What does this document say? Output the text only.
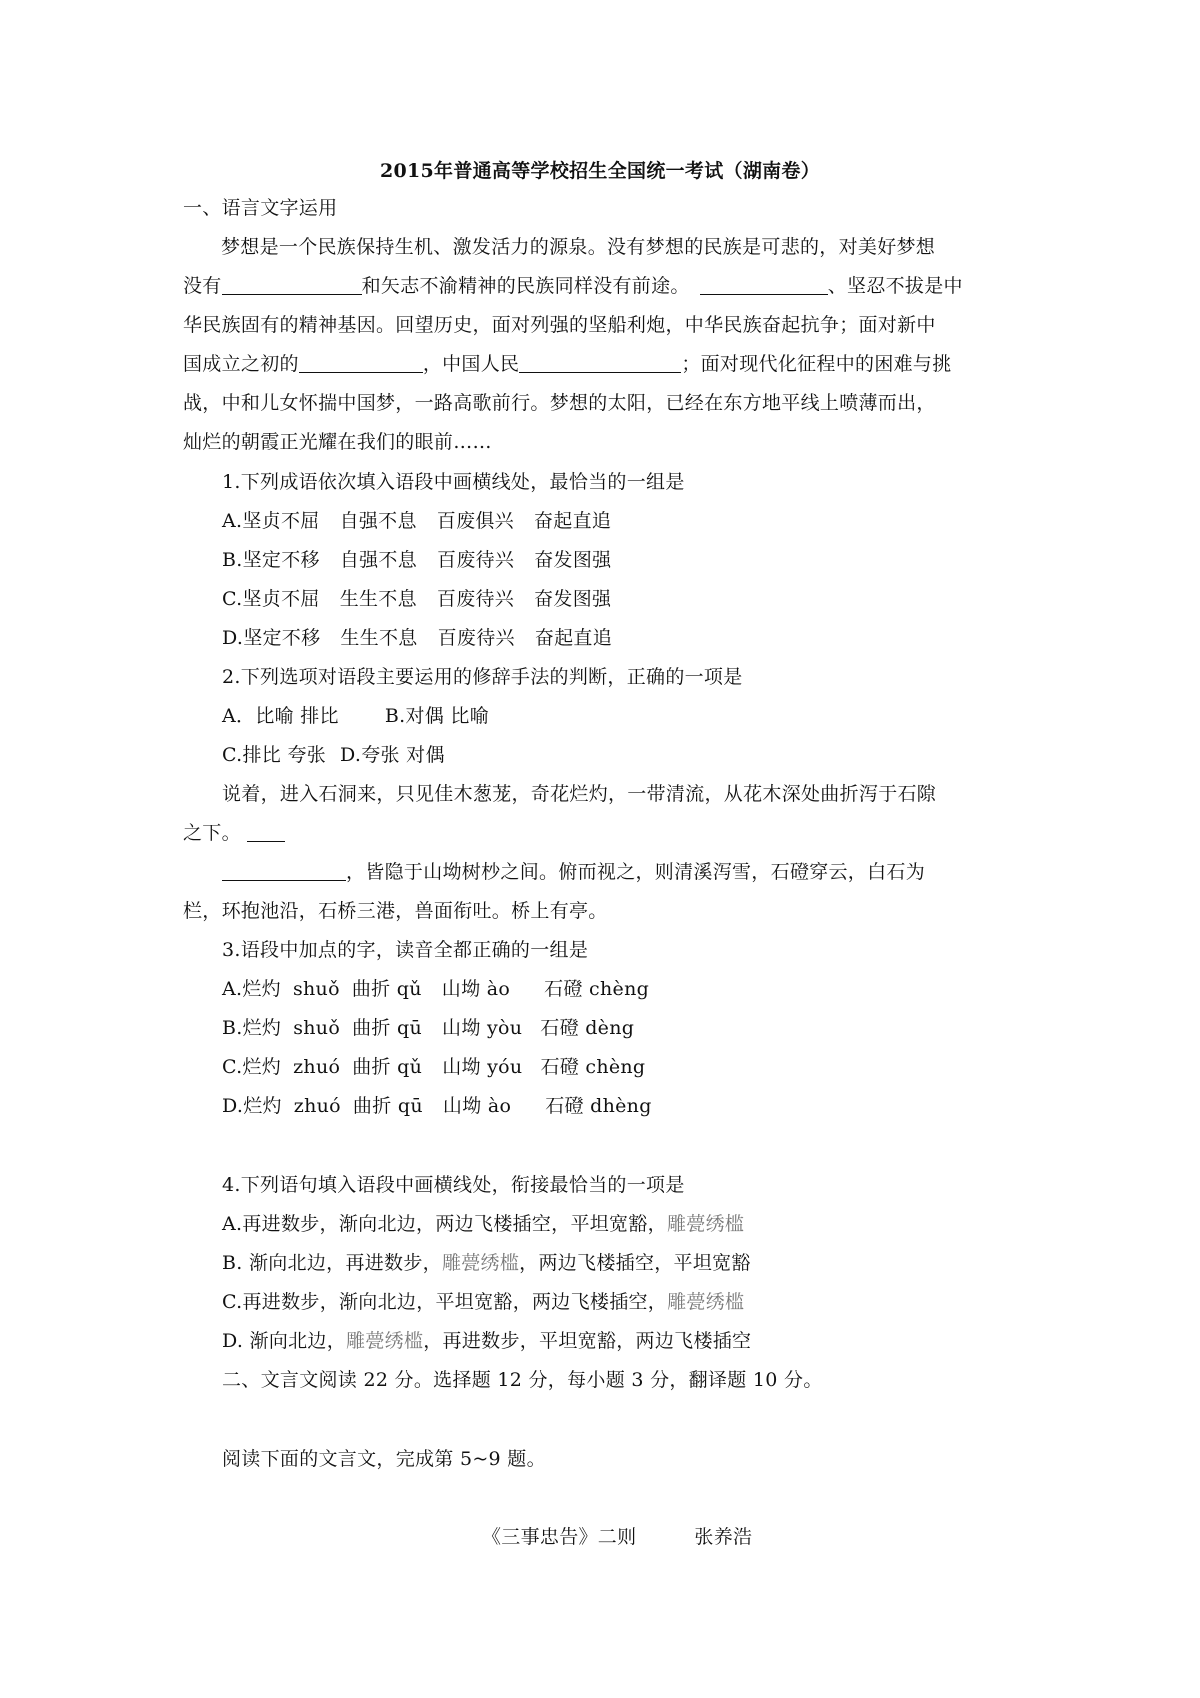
2015年普通高等学校招生全国统一考试（湖南卷）
一、语言文字运用
梦想是一个民族保持生机、激发活力的源泉。没有梦想的民族是可悲的，对美好梦想
没有	和矢志不渝精神的民族同样没有前途。	、坚忍不拔是中
华民族固有的精神基因。回望历史，面对列强的坚船利炮，中华民族奋起抗争；面对新中
国成立之初的	，中国人民	；面对现代化征程中的困难与挑
战，中和儿女怀揣中国梦，一路高歌前行。梦想的太阳，已经在东方地平线上喷薄而出，
灿烂的朝霞正光耀在我们的眼前……
1.下列成语依次填入语段中画横线处，最恰当的一组是
A.坚贞不屈 自强不息 百废俱兴 奋起直追
B.坚定不移 自强不息 百废待兴 奋发图强
C.坚贞不屈 生生不息 百废待兴 奋发图强
D.坚定不移 生生不息 百废待兴 奋起直追
2.下列选项对语段主要运用的修辞手法的判断，正确的一项是
A．比喻 排比 B.对偶 比喻
C.排比 夸张 D.夸张 对偶
说着，进入石洞来，只见佳木葱茏，奇花烂灼，一带清流，从花木深处曲折泻于石隙
之下。
，皆隐于山坳树杪之间。俯而视之，则清溪泻雪，石磴穿云，白石为
栏，环抱池沿，石桥三港，兽面衔吐。桥上有亭。
3.语段中加点的字，读音全都正确的一组是
A.烂灼 shuǒ 曲折 qǔ 山坳 ào 石磴 chèng
B.烂灼 shuǒ 曲折 qū 山坳 yòu 石磴 dèng
C.烂灼 zhuó 曲折 qǔ 山坳 yóu 石磴 chèng
D.烂灼 zhuó 曲折 qū 山坳 ào 石磴 dhèng
4.下列语句填入语段中画横线处，衔接最恰当的一项是
A.再进数步，渐向北边，两边飞楼插空，平坦宽豁，雕甍绣槛
B. 渐向北边，再进数步，雕甍绣槛，两边飞楼插空，平坦宽豁
C.再进数步，渐向北边，平坦宽豁，两边飞楼插空，雕甍绣槛
D. 渐向北边，雕甍绣槛，再进数步，平坦宽豁，两边飞楼插空
二、文言文阅读 22 分。选择题 12 分，每小题 3 分，翻译题 10 分。
阅读下面的文言文，完成第 5~9 题。
《三事忠告》二则	张养浩
